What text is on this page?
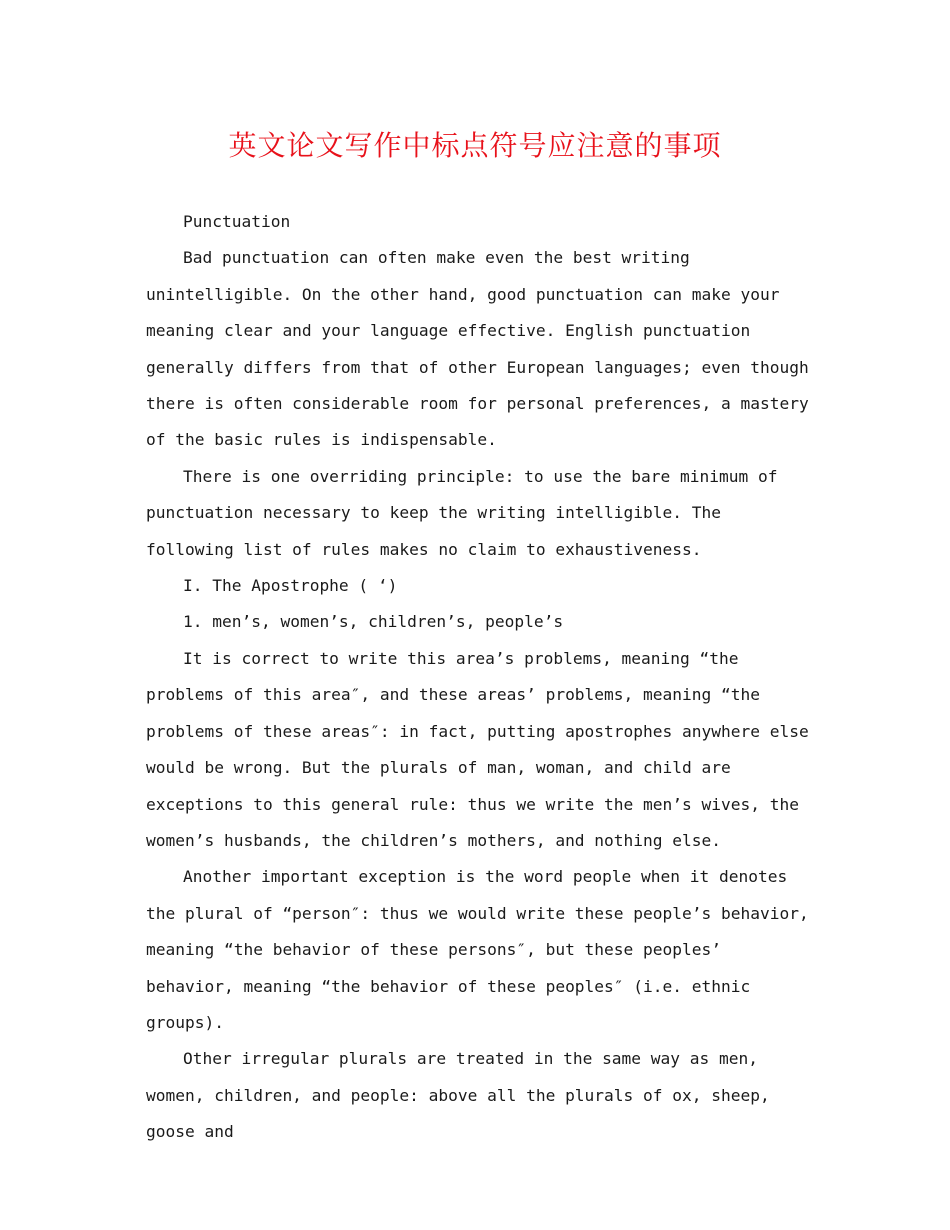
英文论文写作中标点符号应注意的事项

Punctuation

Bad punctuation can often make even the best writing unintelligible. On the other hand, good punctuation can make your meaning clear and your language effective. English punctuation generally differs from that of other European languages; even though there is often considerable room for personal preferences, a mastery of the basic rules is indispensable.

There is one overriding principle: to use the bare minimum of punctuation necessary to keep the writing intelligible. The following list of rules makes no claim to exhaustiveness.

I. The Apostrophe ( ‘)

1. men’s, women’s, children’s, people’s

It is correct to write this area’s problems, meaning “the problems of this area″, and these areas’ problems, meaning “the problems of these areas″: in fact, putting apostrophes anywhere else would be wrong. But the plurals of man, woman, and child are exceptions to this general rule: thus we write the men’s wives, the women’s husbands, the children’s mothers, and nothing else.

Another important exception is the word people when it denotes the plural of “person″: thus we would write these people’s behavior, meaning “the behavior of these persons″, but these peoples’ behavior, meaning “the behavior of these peoples″ (i.e. ethnic groups).

Other irregular plurals are treated in the same way as men, women, children, and people: above all the plurals of ox, sheep, goose and
